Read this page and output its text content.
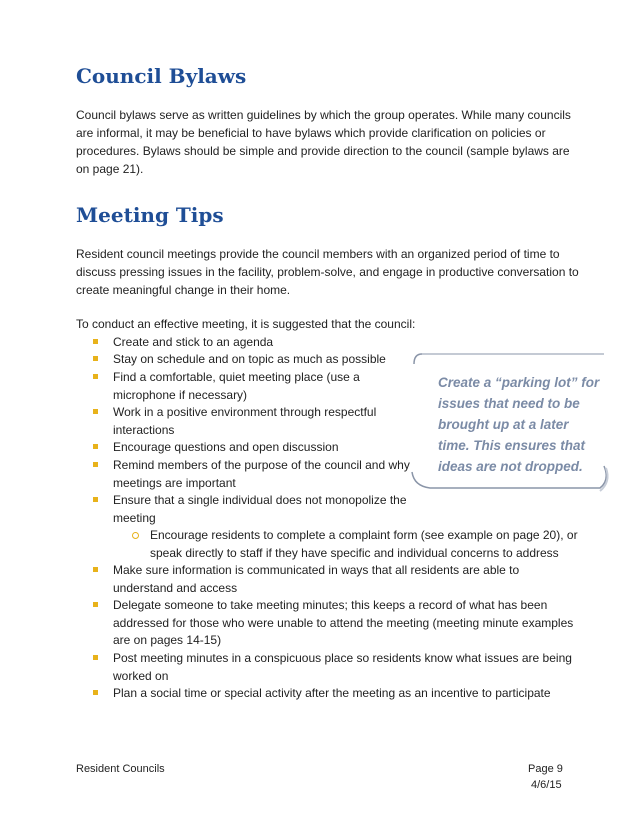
Council Bylaws

Council bylaws serve as written guidelines by which the group operates. While many councils
are informal, it may be beneficial to have bylaws which provide clarification on policies or
procedures. Bylaws should be simple and provide direction to the council (sample bylaws are
on page 21).

Meeting Tips

Resident council meetings provide the council members with an organized period of time to
discuss pressing issues in the facility, problem-solve, and engage in productive conversation to
create meaningful change in their home.

To conduct an effective meeting, it is suggested that the council:

Create and stick to an agenda
Stay on schedule and on topic as much as possible
Find a comfortable, quiet meeting place (use a
microphone if necessary)
Work in a positive environment through respectful
interactions
Encourage questions and open discussion
Remind members of the purpose of the council and why
meetings are important
Ensure that a single individual does not monopolize the
meeting
Encourage residents to complete a complaint form (see example on page 20), or
speak directly to staff if they have specific and individual concerns to address
Make sure information is communicated in ways that all residents are able to
understand and access
Delegate someone to take meeting minutes; this keeps a record of what has been
addressed for those who were unable to attend the meeting (meeting minute examples
are on pages 14-15)
Post meeting minutes in a conspicuous place so residents know what issues are being
worked on
Plan a social time or special activity after the meeting as an incentive to participate
Create a “parking lot” for
issues that need to be
brought up at a later
time. This ensures that
ideas are not dropped.
Resident Councils	Page 9
4/6/15
